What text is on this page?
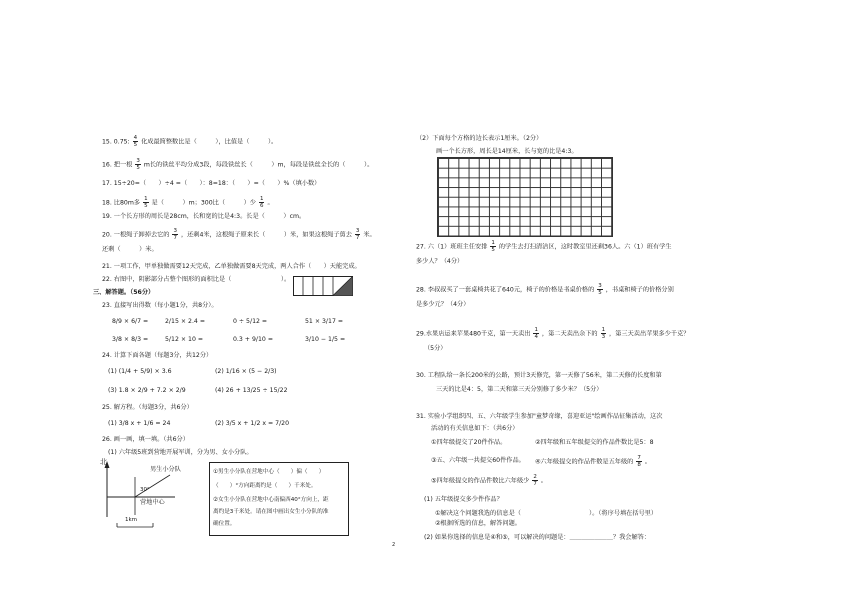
15. 0.75: $\frac{4}{5}$ 化成最简整数比是（　　　），比值是（　　　）。
16. 把一根 $\frac{3}{5}$ m长的铁丝平均分成3段，每段铁丝长（　　　）m，每段是铁丝全长的（　　　）。
17. 15÷20=（　　）÷4 =（　　）：8=18：（　　）=（　　）%（填小数）
18. 比80m多 $\frac{1}{5}$ 是（　　　）m；300比（　　　）少 $\frac{1}{6}$ 。
19. 一个长方形的周长是28cm，长和宽的比是4:3。长是（　　　）cm。
20. 一根绳子卸掉去它的 $\frac{3}{7}$ ，还剩4米，这根绳子原来长（　　　）米，如果这根绳子剪去 $\frac{3}{7}$ 米。
还剩（　　　）米。
21. 一项工作，甲单独做需要12天完成，乙单独做需要8天完成，两人合作（　　）天能完成。
22. 右图中，阴影部分占整个图形的面积比是（　　　　　　　　）。
三、解答题。（56分）
23. 直接写出得数（每小题1分，共8分）。
8/9 × 6/7 =	2/15 × 2.4 =	0 ÷ 5/12 =	51 × 3/17 =
3/8 × 8/3 =	5/12 × 10 =	0.3 + 9/10 =	3/10 − 1/5 =
24. 计算下面各题（每题3分，共12分）
(1) (1/4 + 5/9) × 3.6	(2) 1/16 × (5 − 2/3)
(3) 1.8 × 2/9 + 7.2 × 2/9	(4) 26 + 13/25 ÷ 15/22
25. 解方程。（每题3分，共6分）
(1) 3/8 x + 1/6 = 24	(2) 3/5 x + 1/2 x = 7/20
26. 画一画，填一填。（共6分）
(1) 六年级5班到营地开展军训，分为男、女小分队。
北
男生小分队
30°
营地中心
1km
①男生小分队在营地中心（　　）偏（　　）
（　　）°方向距离约是（　　）千米处。
②女生小分队在营地中心南偏西40°方向上，距
离约是3千米处。请在图中画出女生小分队的准
确位置。
2
（2）下面每个方格的边长表示1厘米。（2分）
画一个长方形，周长是14厘米，长与宽的比是4:3。
27. 六（1）班班主任安排 $\frac{1}{5}$ 的学生去打扫清洁区，这时教室里还剩36人。六（1）班有学生
多少人？（4分）
28. 李叔叔买了一套桌椅共花了640元，椅子的价格是书桌价格的 $\frac{3}{5}$ ，书桌和椅子的价格分别
是多少元？（4分）
29.水果店运来苹果480千克，第一天卖出 $\frac{1}{4}$ ，第二天卖出余下的 $\frac{1}{3}$ ，第三天卖出苹果多少千克？
（5分）
30. 工程队给一条长200米的公路，预计3天修完，第一天修了56米，第二天修的长度和第
三天的比是4：5，第二天和第三天分别修了多少米？（5分）
31. 实验小学组织四、五、六年级学生参加"童梦奇缘，喜迎亚运"绘画作品征集活动，这次
活动的有关信息如下：（共6分）
①四年级提交了20件作品。	②四年级和五年级提交的作品件数比是5：8
③五、六年级一共提交60件作品。 ④六年级提交的作品件数是五年级的 $\frac{7}{8}$ 。
⑤四年级提交的作品件数比六年级少 $\frac{2}{7}$ 。
(1) 五年级提交多少件作品？
①解决这个问题我选的信息是（　　　　　　　　　　　）。（将序号填在括号里）
②根据所选的信息，解答问题。
(2) 如果你选择的信息是④和⑤，可以解决的问题是：＿＿＿＿＿＿＿？我会解答：
